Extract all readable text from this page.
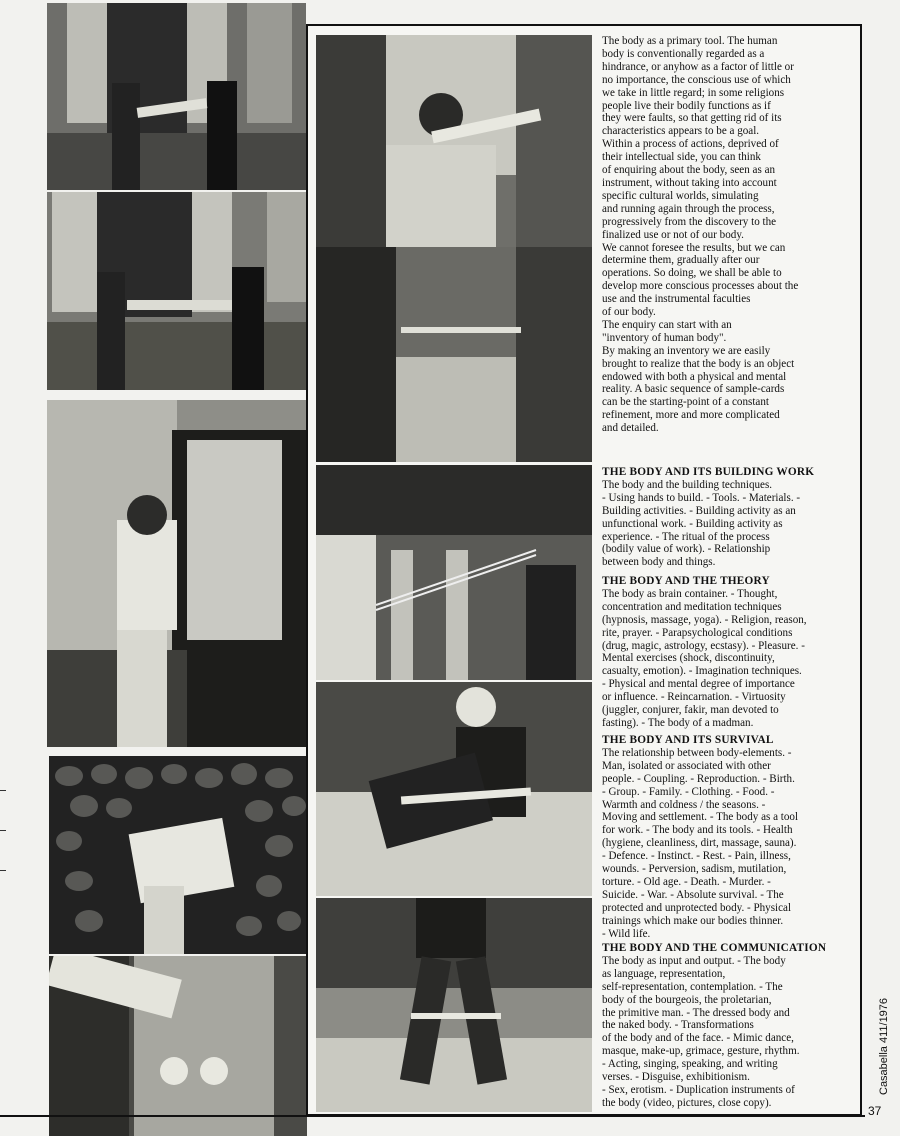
The body as a primary tool. The human
body is conventionally regarded as a
hindrance, or anyhow as a factor of little or
no importance, the conscious use of which
we take in little regard; in some religions
people live their bodily functions as if
they were faults, so that getting rid of its
characteristics appears to be a goal.
Within a process of actions, deprived of
their intellectual side, you can think
of enquiring about the body, seen as an
instrument, without taking into account
specific cultural worlds, simulating
and running again through the process,
progressively from the discovery to the
finalized use or not of our body.
We cannot foresee the results, but we can
determine them, gradually after our
operations. So doing, we shall be able to
develop more conscious processes about the
use and the instrumental faculties
of our body.
The enquiry can start with an
"inventory of human body".
By making an inventory we are easily
brought to realize that the body is an object
endowed with both a physical and mental
reality. A basic sequence of sample-cards
can be the starting-point of a constant
refinement, more and more complicated
and detailed.
THE BODY AND ITS BUILDING WORK

The body and the building techniques.

- Using hands to build. - Tools. - Materials. -

Building activities. - Building activity as an

unfunctional work. - Building activity as

experience. - The ritual of the process

(bodily value of work). - Relationship

between body and things.

THE BODY AND THE THEORY

The body as brain container. - Thought,

concentration and meditation techniques

(hypnosis, massage, yoga). - Religion, reason,

rite, prayer. - Parapsychological conditions

(drug, magic, astrology, ecstasy). - Pleasure. -

Mental exercises (shock, discontinuity,

casualty, emotion). - Imagination techniques.

- Physical and mental degree of importance

or influence. - Reincarnation. - Virtuosity

(juggler, conjurer, fakir, man devoted to

fasting). - The body of a madman.

THE BODY AND ITS SURVIVAL

The relationship between body-elements. -

Man, isolated or associated with other

people. - Coupling. - Reproduction. - Birth.

- Group. - Family. - Clothing. - Food. -

Warmth and coldness / the seasons. -

Moving and settlement. - The body as a tool

for work. - The body and its tools. - Health

(hygiene, cleanliness, dirt, massage, sauna).

- Defence. - Instinct. - Rest. - Pain, illness,

wounds. - Perversion, sadism, mutilation,

torture. - Old age. - Death. - Murder. -

Suicide. - War. - Absolute survival. - The

protected and unprotected body. - Physical

trainings which make our bodies thinner.

- Wild life.

THE BODY AND THE COMMUNICATION

The body as input and output. - The body

as language, representation,

self-representation, contemplation. - The

body of the bourgeois, the proletarian,

the primitive man. - The dressed body and

the naked body. - Transformations

of the body and of the face. - Mimic dance,

masque, make-up, grimace, gesture, rhythm.

- Acting, singing, speaking, and writing

verses. - Disguise, exhibitionism.

- Sex, erotism. - Duplication instruments of

the body (video, pictures, close copy).

Casabella 411/1976
37
